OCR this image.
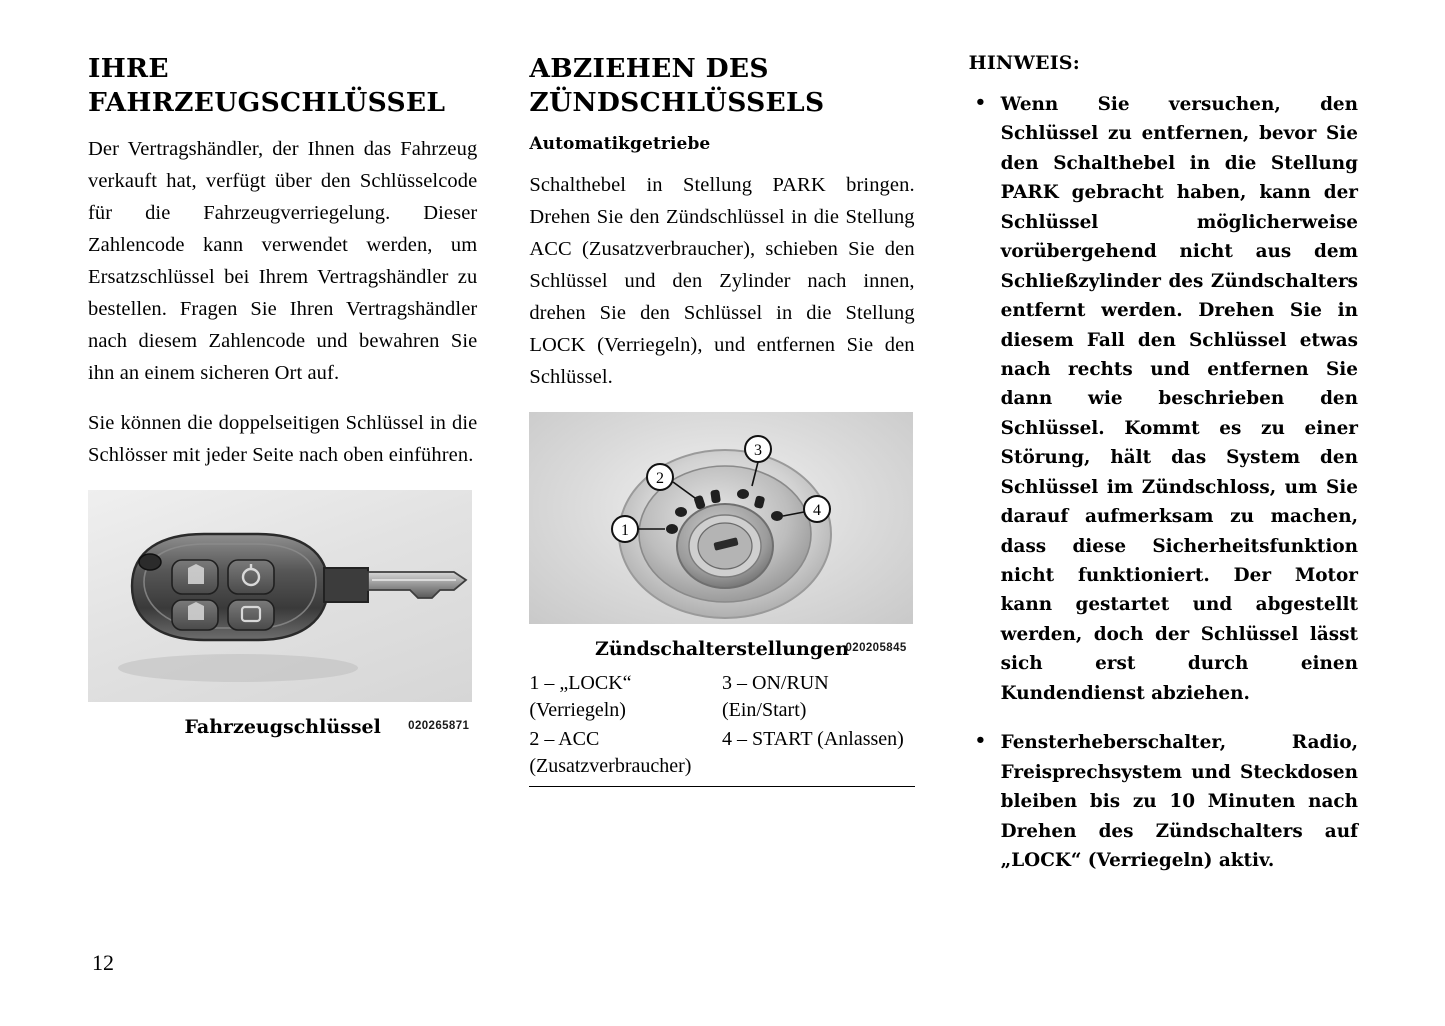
IHRE FAHRZEUGSCHLÜSSEL

Der Vertragshändler, der Ihnen das Fahrzeug verkauft hat, verfügt über den Schlüsselcode für die Fahrzeugverriegelung. Dieser Zahlencode kann verwendet werden, um Ersatzschlüssel bei Ihrem Vertragshändler zu bestellen. Fragen Sie Ihren Vertragshändler nach diesem Zahlencode und bewahren Sie ihn an einem sicheren Ort auf.

Sie können die doppelseitigen Schlüssel in die Schlösser mit jeder Seite nach oben einführen.

020265871
Fahrzeugschlüssel
ABZIEHEN DES ZÜNDSCHLÜSSELS
Automatikgetriebe

Schalthebel in Stellung PARK bringen. Drehen Sie den Zündschlüssel in die Stellung ACC (Zusatzverbraucher), schieben Sie den Schlüssel und den Zylinder nach innen, drehen Sie den Schlüssel in die Stellung LOCK (Verriegeln), und entfernen Sie den Schlüssel.

3
2
1
4
020205845
Zündschalterstellungen
1 – „LOCK“ (Verriegeln)	3 – ON/RUN (Ein/Start)
2 – ACC (Zusatzverbraucher)	4 – START (Anlassen)
HINWEIS:
• Wenn Sie versuchen, den Schlüssel zu entfernen, bevor Sie den Schalthebel in die Stellung PARK gebracht haben, kann der Schlüssel möglicherweise vorübergehend nicht aus dem Schließzylinder des Zündschalters entfernt werden. Drehen Sie in diesem Fall den Schlüssel etwas nach rechts und entfernen Sie dann wie beschrieben den Schlüssel. Kommt es zu einer Störung, hält das System den Schlüssel im Zündschloss, um Sie darauf aufmerksam zu machen, dass diese Sicherheitsfunktion nicht funktioniert. Der Motor kann gestartet und abgestellt werden, doch der Schlüssel lässt sich erst durch einen Kundendienst abziehen.
• Fensterheberschalter, Radio, Freisprechsystem und Steckdosen bleiben bis zu 10 Minuten nach Drehen des Zündschalters auf „LOCK“ (Verriegeln) aktiv.
12
